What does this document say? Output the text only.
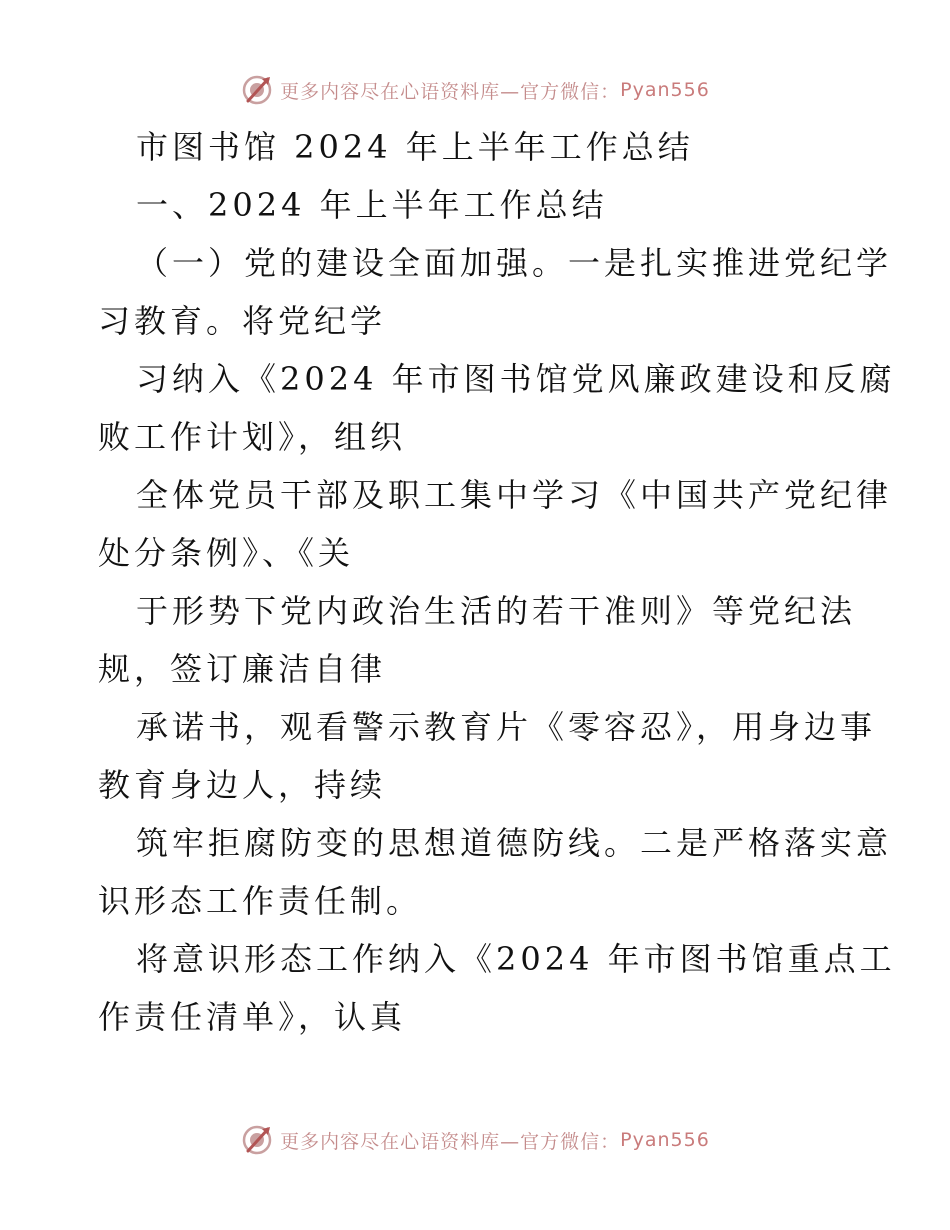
更多内容尽在心语资料库—官方微信： Pyan556
市图书馆 2024 年上半年工作总结
一、2024 年上半年工作总结
（一）党的建设全面加强。一是扎实推进党纪学
习教育。将党纪学
习纳入《2024 年市图书馆党风廉政建设和反腐
败工作计划》，组织
全体党员干部及职工集中学习《中国共产党纪律
处分条例》、《关
于形势下党内政治生活的若干准则》等党纪法
规，签订廉洁自律
承诺书，观看警示教育片《零容忍》，用身边事
教育身边人，持续
筑牢拒腐防变的思想道德防线。二是严格落实意
识形态工作责任制。
将意识形态工作纳入《2024 年市图书馆重点工
作责任清单》，认真
更多内容尽在心语资料库—官方微信： Pyan556
